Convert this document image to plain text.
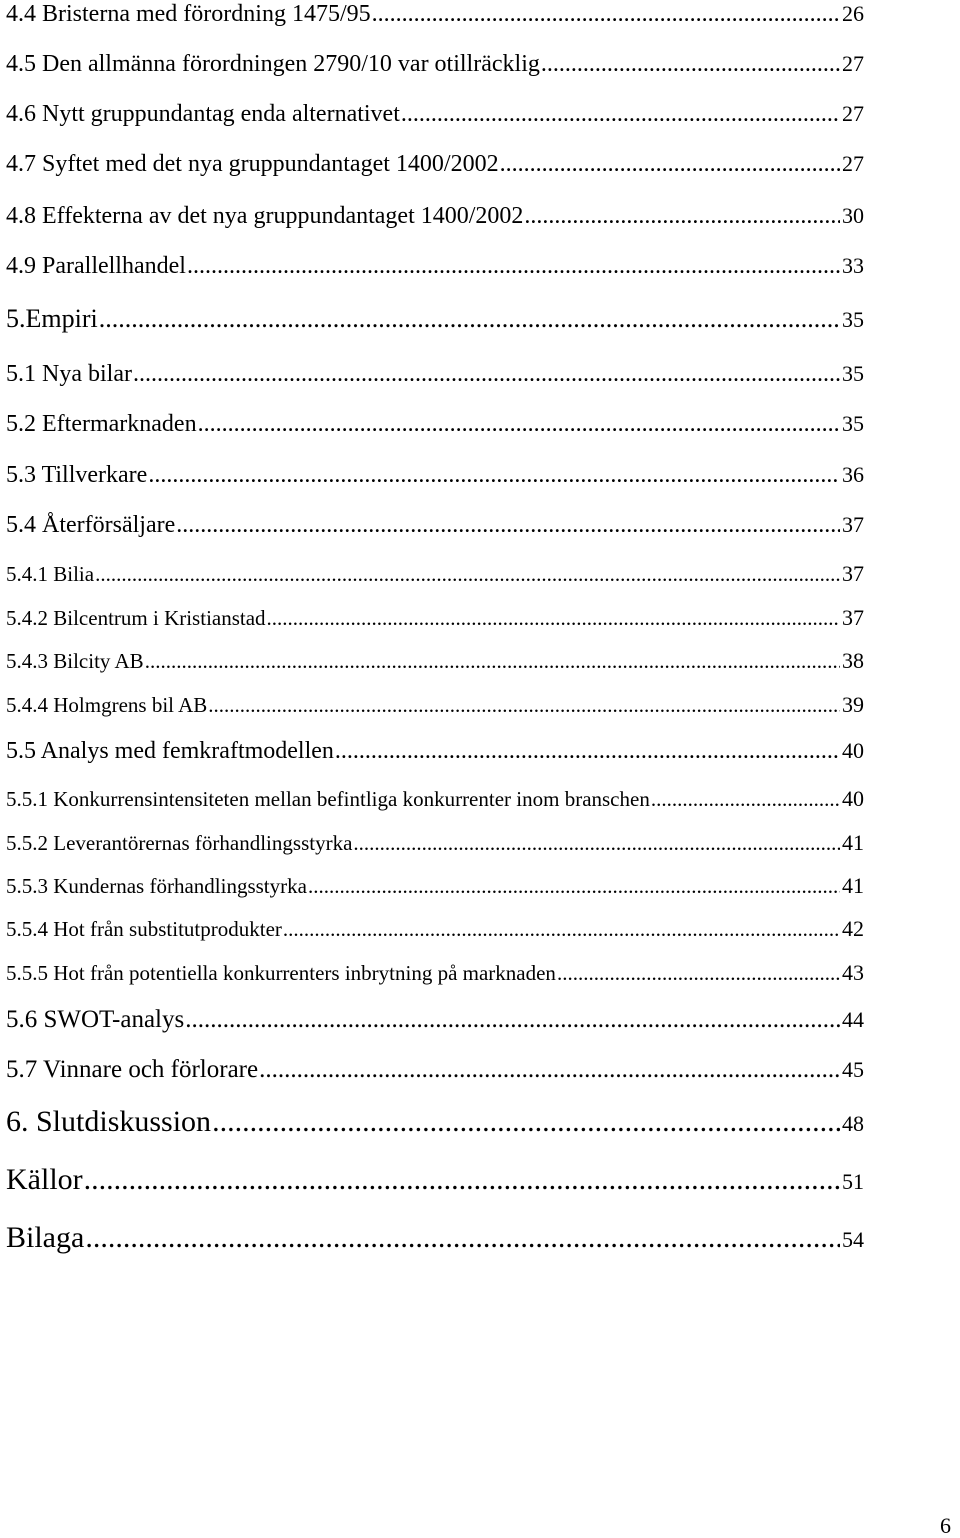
4.4 Bristerna med förordning 1475/95 .....	26
4.5 Den allmänna förordningen 2790/10 var otillräcklig .....	27
4.6 Nytt gruppundantag enda alternativet .....	27
4.7 Syftet med det nya gruppundantaget 1400/2002 .....	27
4.8 Effekterna av det nya gruppundantaget 1400/2002 .....	30
4.9 Parallellhandel .....	33
5.Empiri .....	35
5.1 Nya bilar .....	35
5.2 Eftermarknaden .....	35
5.3 Tillverkare .....	36
5.4 Återförsäljare .....	37
5.4.1 Bilia .....	37
5.4.2 Bilcentrum i Kristianstad .....	37
5.4.3 Bilcity AB .....	38
5.4.4 Holmgrens bil AB .....	39
5.5 Analys med femkraftmodellen .....	40
5.5.1 Konkurrensintensiteten mellan befintliga konkurrenter inom branschen .....	40
5.5.2 Leverantörernas förhandlingsstyrka .....	41
5.5.3 Kundernas förhandlingsstyrka .....	41
5.5.4 Hot från substitutprodukter .....	42
5.5.5 Hot från potentiella konkurrenters inbrytning på marknaden .....	43
5.6 SWOT-analys .....	44
5.7 Vinnare och förlorare .....	45
6. Slutdiskussion .....	48
Källor .....	51
Bilaga .....	54
6
